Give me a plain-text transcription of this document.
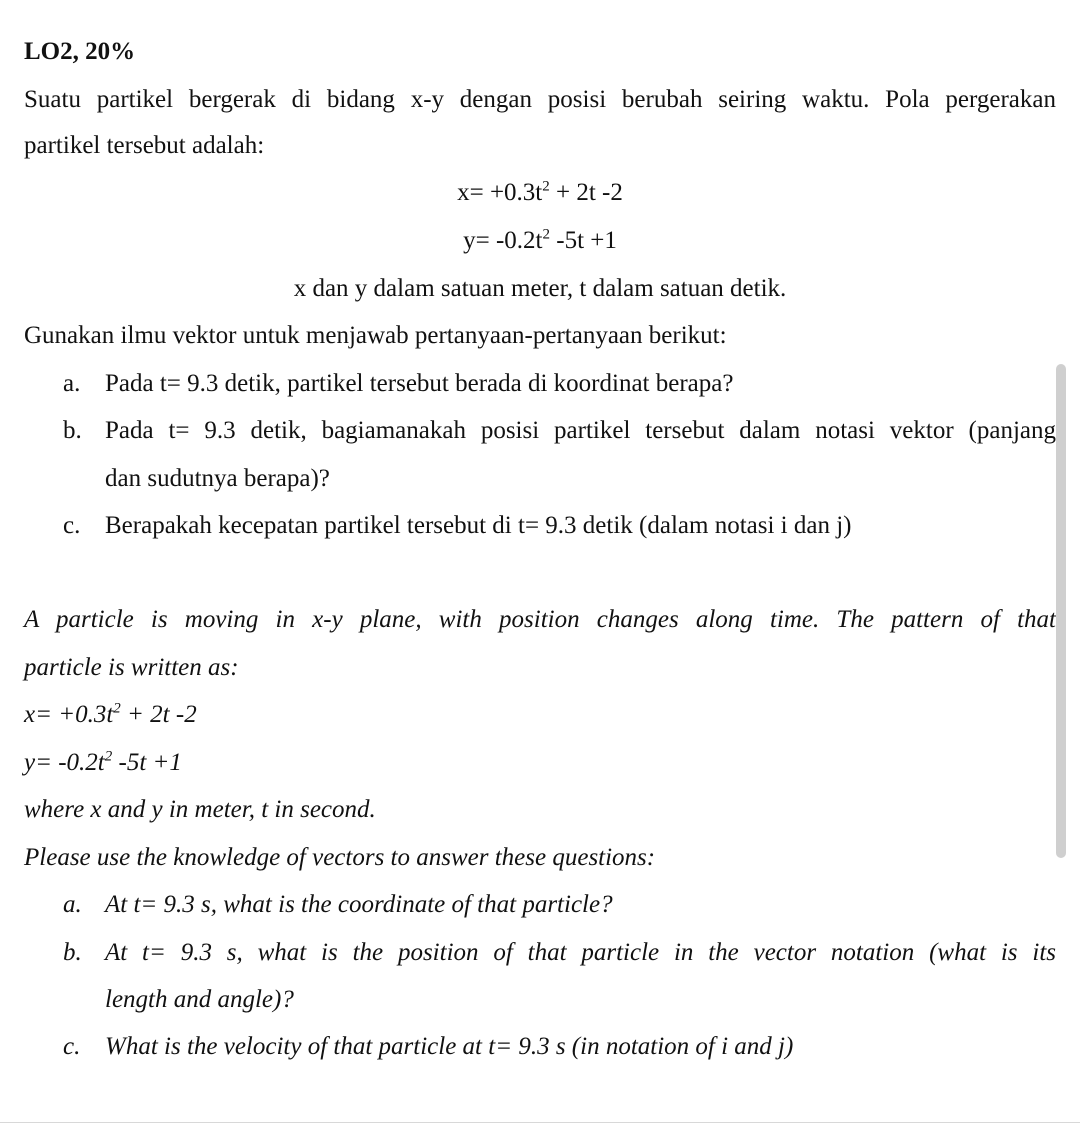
LO2, 20%
Suatu partikel bergerak di bidang x-y dengan posisi berubah seiring waktu. Pola pergerakan
partikel tersebut adalah:
$x= +0.3t^2 + 2t$ -2
$y= -0.2t^2$ -5t +1
x dan y dalam satuan meter, t dalam satuan detik.
Gunakan ilmu vektor untuk menjawab pertanyaan-pertanyaan berikut:
a. Pada t= 9.3 detik, partikel tersebut berada di koordinat berapa?
b. Pada t= 9.3 detik, bagiamanakah posisi partikel tersebut dalam notasi vektor (panjang
dan sudutnya berapa)?
c. Berapakah kecepatan partikel tersebut di t= 9.3 detik (dalam notasi i dan j)
A particle is moving in x-y plane, with position changes along time. The pattern of that
particle is written as:
$x= +0.3t^2 + 2t$ -2
$y= -0.2t^2$ -5t +1
where x and y in meter, t in second.
Please use the knowledge of vectors to answer these questions:
a. At t= 9.3 s, what is the coordinate of that particle?
b. At t= 9.3 s, what is the position of that particle in the vector notation (what is its
length and angle)?
c. What is the velocity of that particle at t= 9.3 s (in notation of i and j)
